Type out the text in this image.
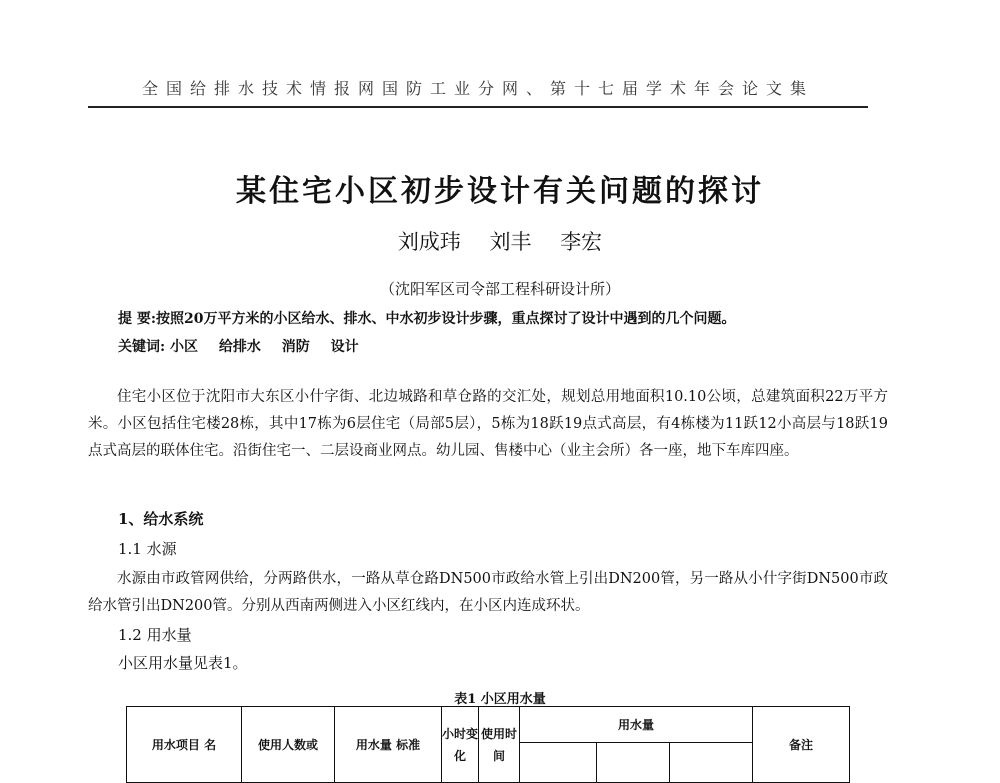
全国给排水技术情报网国防工业分网、第十七届学术年会论文集
某住宅小区初步设计有关问题的探讨
刘成玮 刘丰 李宏
（沈阳军区司令部工程科研设计所）
提 要:按照20万平方米的小区给水、排水、中水初步设计步骤，重点探讨了设计中遇到的几个问题。
关键词: 小区 给排水 消防 设计
住宅小区位于沈阳市大东区小什字街、北边城路和草仓路的交汇处，规划总用地面积10.10公顷，总建筑面积22万平方米。小区包括住宅楼28栋，其中17栋为6层住宅（局部5层），5栋为18跃19点式高层，有4栋楼为11跃12小高层与18跃19点式高层的联体住宅。沿街住宅一、二层设商业网点。幼儿园、售楼中心（业主会所）各一座，地下车库四座。
1、给水系统
1.1 水源
水源由市政管网供给，分两路供水，一路从草仓路DN500市政给水管上引出DN200管，另一路从小什字街DN500市政给水管引出DN200管。分别从西南两侧进入小区红线内，在小区内连成环状。
1.2 用水量
小区用水量见表1。
表1 小区用水量
用水项目 名	使用人数或	用水量 标准	小时变化	使用时间	用水量			备注
